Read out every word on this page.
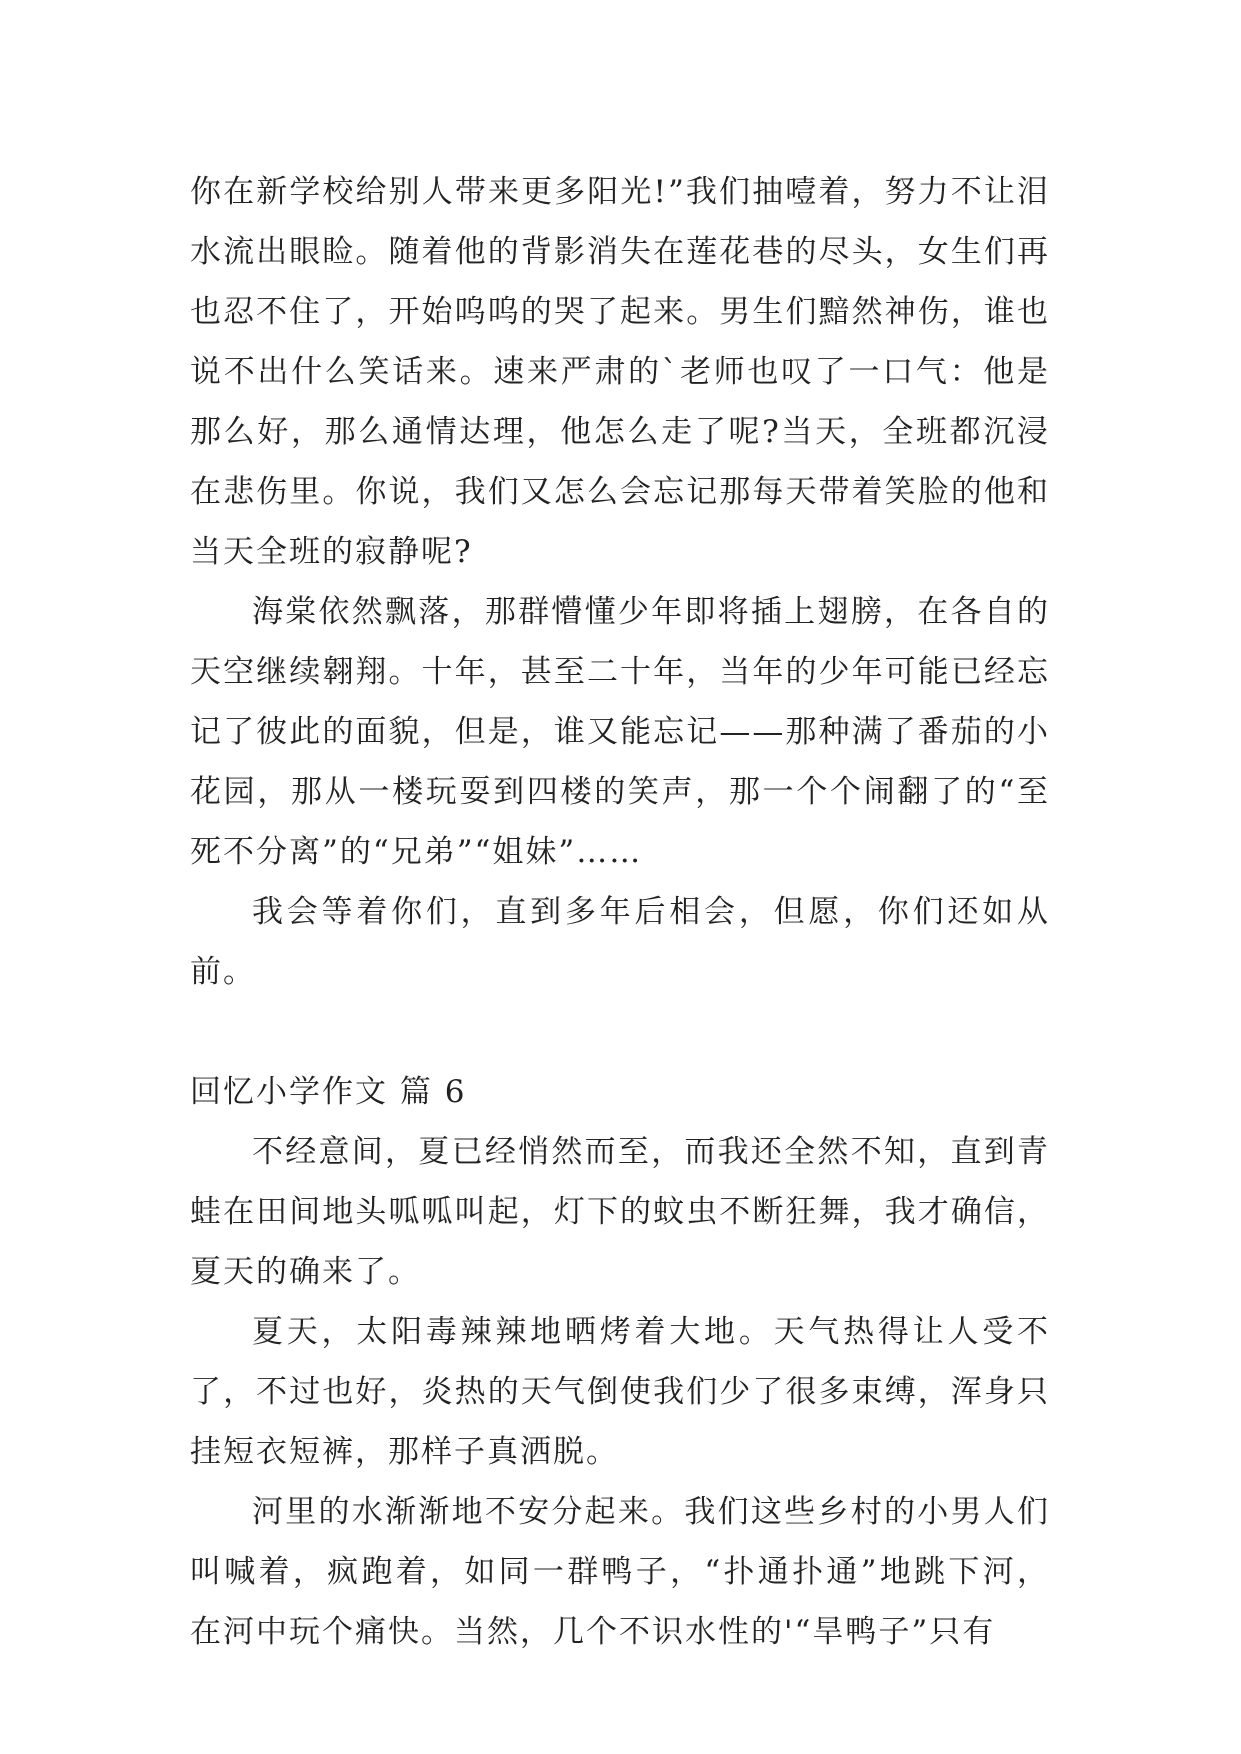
你在新学校给别人带来更多阳光!”我们抽噎着，努力不让泪水流出眼睑。随着他的背影消失在莲花巷的尽头，女生们再也忍不住了，开始呜呜的哭了起来。男生们黯然神伤，谁也说不出什么笑话来。速来严肃的`老师也叹了一口气：他是那么好，那么通情达理，他怎么走了呢?当天，全班都沉浸在悲伤里。你说，我们又怎么会忘记那每天带着笑脸的他和当天全班的寂静呢?

海棠依然飘落，那群懵懂少年即将插上翅膀，在各自的天空继续翱翔。十年，甚至二十年，当年的少年可能已经忘记了彼此的面貌，但是，谁又能忘记——那种满了番茄的小花园，那从一楼玩耍到四楼的笑声，那一个个闹翻了的“至死不分离”的“兄弟”“姐妹”……

我会等着你们，直到多年后相会，但愿，你们还如从前。

回忆小学作文 篇 6

不经意间，夏已经悄然而至，而我还全然不知，直到青蛙在田间地头呱呱叫起，灯下的蚊虫不断狂舞，我才确信，夏天的确来了。

夏天，太阳毒辣辣地晒烤着大地。天气热得让人受不了，不过也好，炎热的天气倒使我们少了很多束缚，浑身只挂短衣短裤，那样子真洒脱。

河里的水渐渐地不安分起来。我们这些乡村的小男人们叫喊着，疯跑着，如同一群鸭子，“扑通扑通”地跳下河，在河中玩个痛快。当然，几个不识水性的'“旱鸭子”只有
